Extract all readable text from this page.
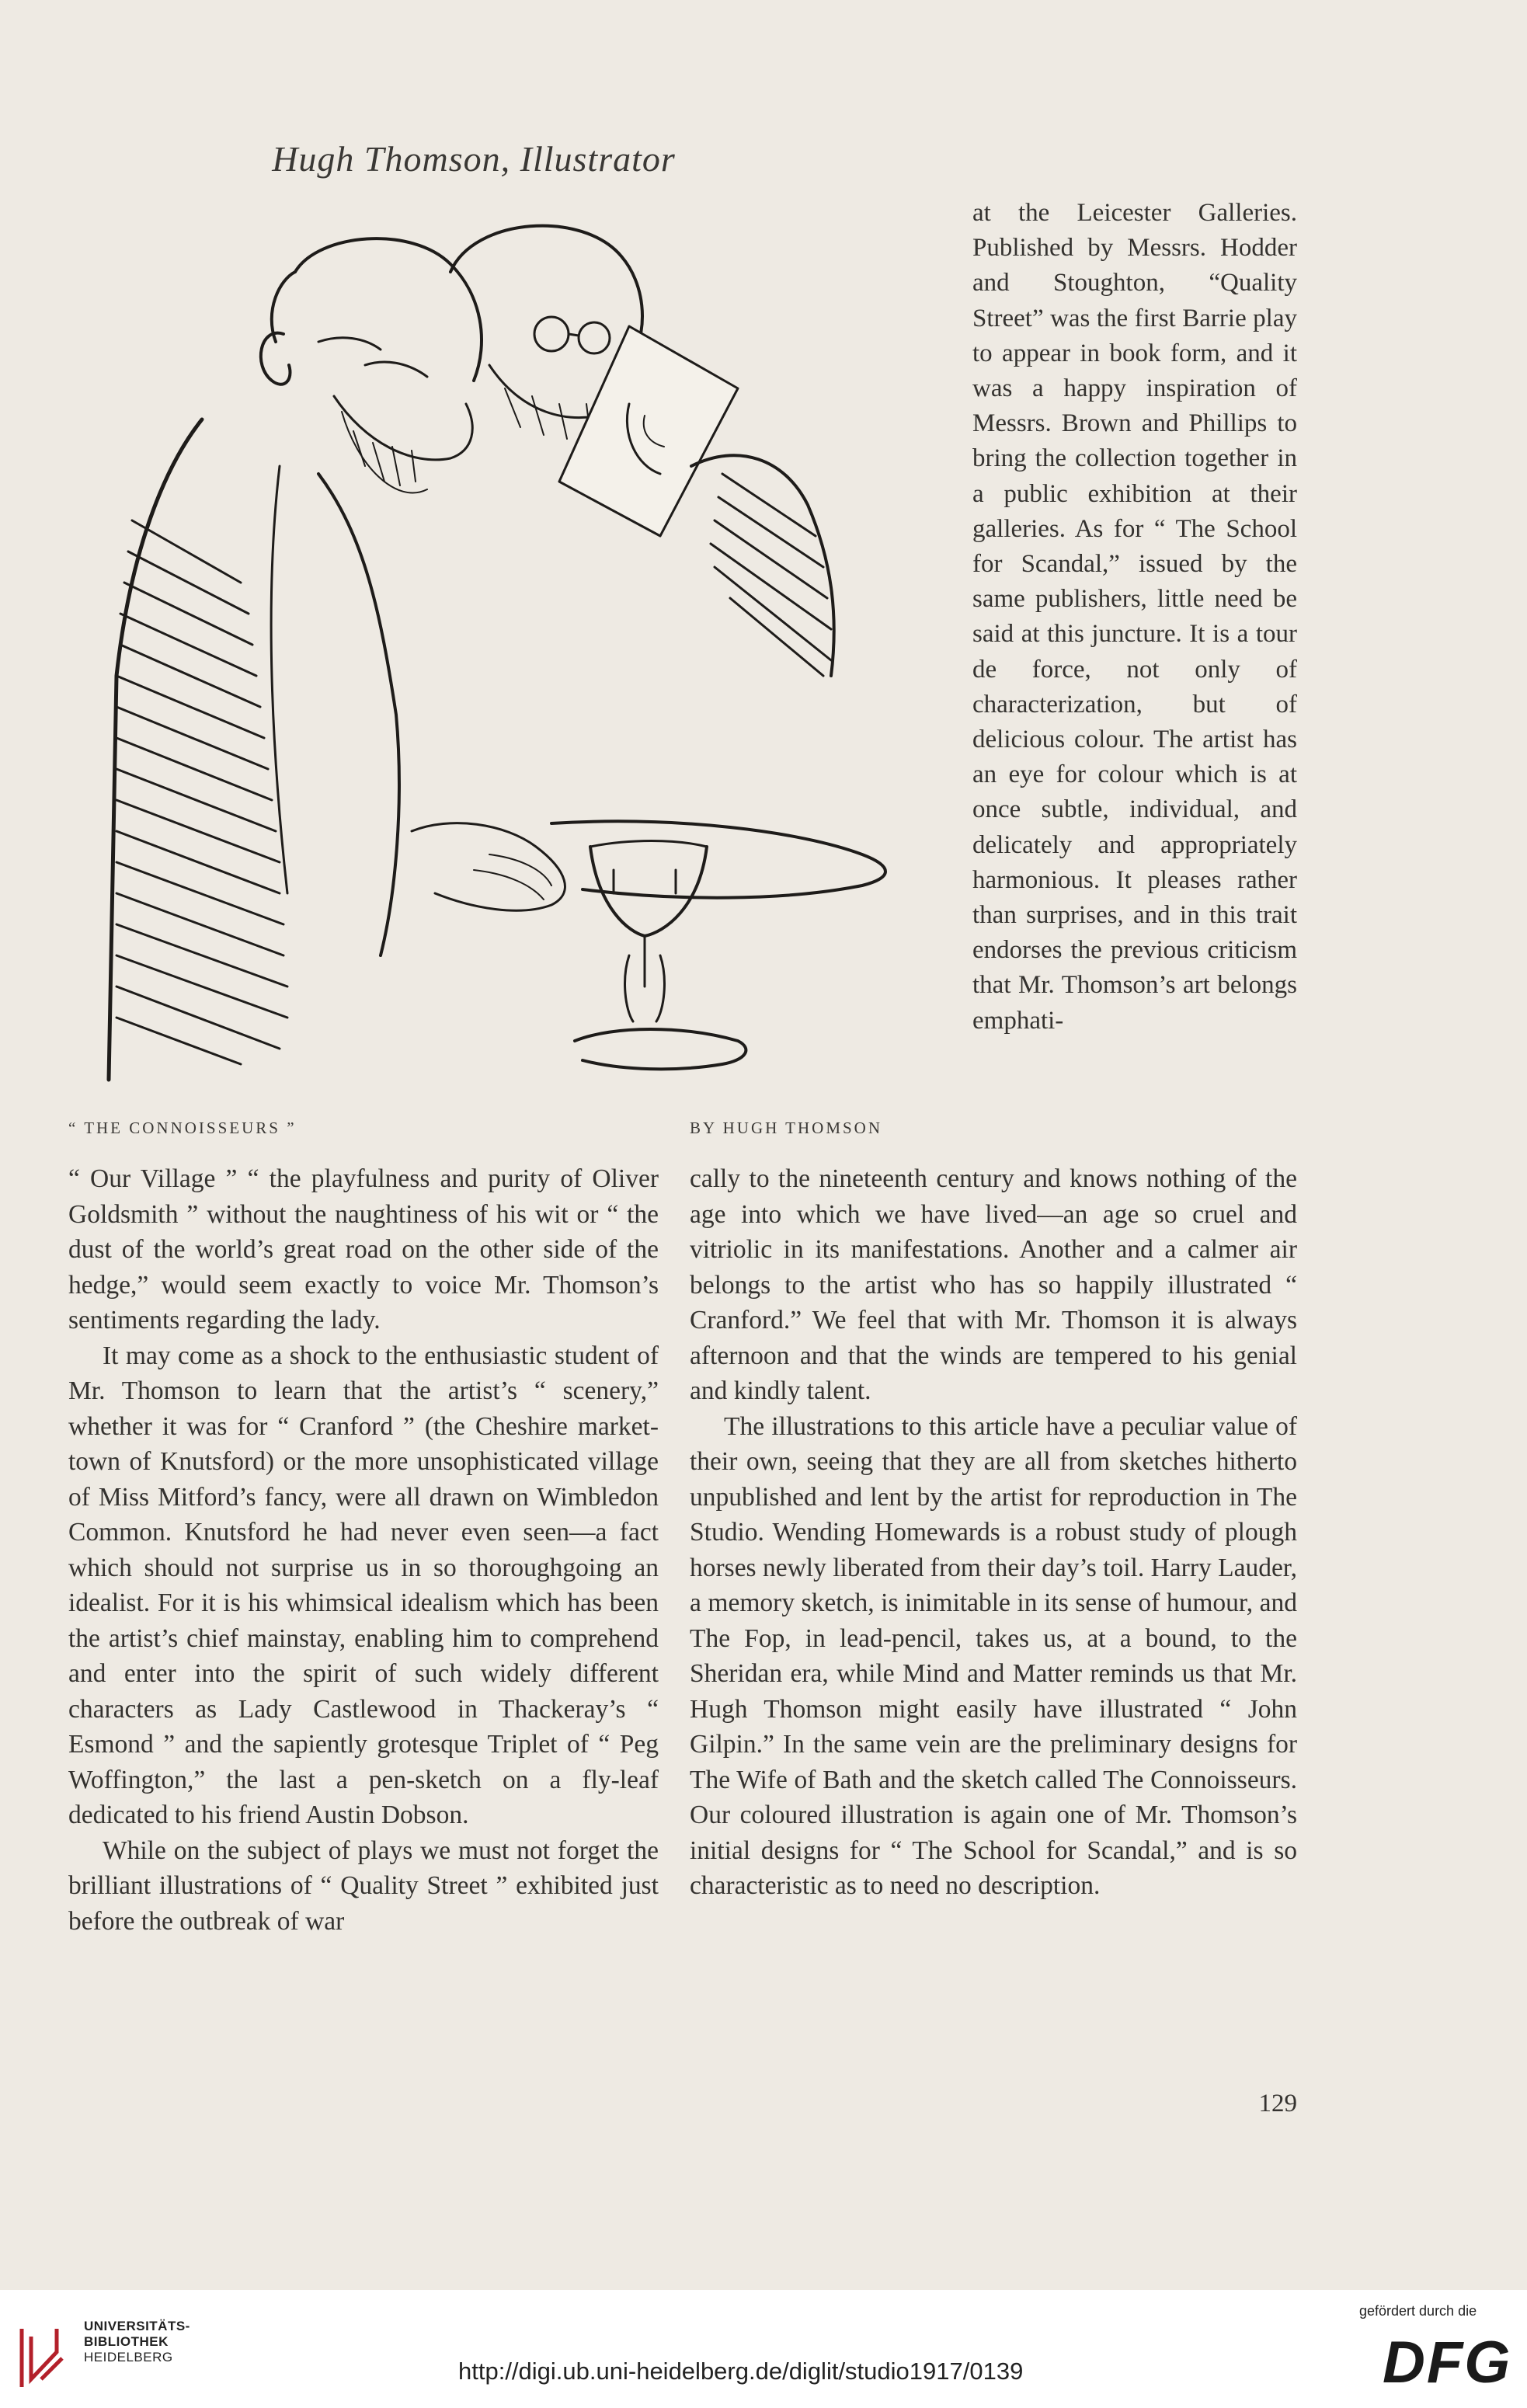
Hugh Thomson, Illustrator
“ THE CONNOISSEURS ”	BY HUGH THOMSON

at the Leicester Galleries. Published by Messrs. Hodder and Stoughton, “Quality Street” was the first Barrie play to appear in book form, and it was a happy inspiration of Messrs. Brown and Phillips to bring the collection together in a public exhibition at their galleries. As for “ The School for Scandal,” issued by the same publishers, little need be said at this juncture. It is a tour de force, not only of characterization, but of delicious colour. The artist has an eye for colour which is at once subtle, individual, and delicately and appropriately harmonious. It pleases rather than surprises, and in this trait endorses the previous criticism that Mr. Thomson’s art belongs emphati-

“ Our Village ” “ the playfulness and purity of Oliver Goldsmith ” without the naughtiness of his wit or “ the dust of the world’s great road on the other side of the hedge,” would seem exactly to voice Mr. Thomson’s sentiments regarding the lady.

It may come as a shock to the enthusiastic student of Mr. Thomson to learn that the artist’s “ scenery,” whether it was for “ Cranford ” (the Cheshire market-town of Knutsford) or the more unsophisticated village of Miss Mitford’s fancy, were all drawn on Wimbledon Common. Knutsford he had never even seen—a fact which should not surprise us in so thoroughgoing an idealist. For it is his whimsical idealism which has been the artist’s chief mainstay, enabling him to comprehend and enter into the spirit of such widely different characters as Lady Castlewood in Thackeray’s “ Esmond ” and the sapiently grotesque Triplet of “ Peg Woffington,” the last a pen-sketch on a fly-leaf dedicated to his friend Austin Dobson.

While on the subject of plays we must not forget the brilliant illustrations of “ Quality Street ” exhibited just before the outbreak of war

cally to the nineteenth century and knows nothing of the age into which we have lived—an age so cruel and vitriolic in its manifestations. Another and a calmer air belongs to the artist who has so happily illustrated “ Cranford.” We feel that with Mr. Thomson it is always afternoon and that the winds are tempered to his genial and kindly talent.

The illustrations to this article have a peculiar value of their own, seeing that they are all from sketches hitherto unpublished and lent by the artist for reproduction in The Studio. Wending Homewards is a robust study of plough horses newly liberated from their day’s toil. Harry Lauder, a memory sketch, is inimitable in its sense of humour, and The Fop, in lead-pencil, takes us, at a bound, to the Sheridan era, while Mind and Matter reminds us that Mr. Hugh Thomson might easily have illustrated “ John Gilpin.” In the same vein are the preliminary designs for The Wife of Bath and the sketch called The Connoisseurs. Our coloured illustration is again one of Mr. Thomson’s initial designs for “ The School for Scandal,” and is so characteristic as to need no description.

129
UNIVERSITÄTS-
BIBLIOTHEK
HEIDELBERG
http://digi.ub.uni-heidelberg.de/diglit/studio1917/0139
gefördert durch die
DFG
